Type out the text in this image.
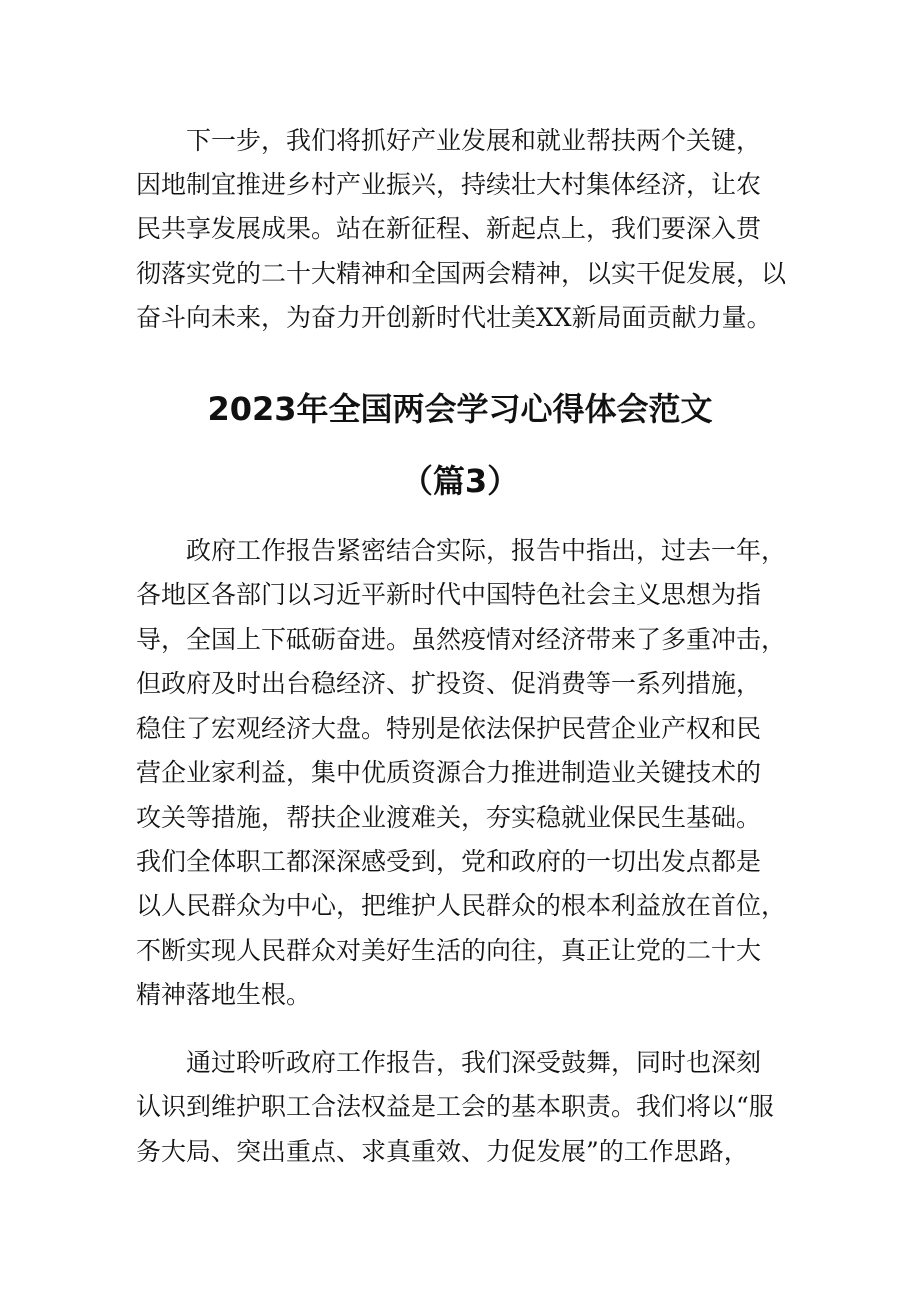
　　下一步，我们将抓好产业发展和就业帮扶两个关键，
因地制宜推进乡村产业振兴，持续壮大村集体经济，让农
民共享发展成果。站在新征程、新起点上，我们要深入贯
彻落实党的二十大精神和全国两会精神，以实干促发展，以
奋斗向未来，为奋力开创新时代壮美XX新局面贡献力量。
2023年全国两会学习心得体会范文
（篇3）
　　政府工作报告紧密结合实际，报告中指出，过去一年，
各地区各部门以习近平新时代中国特色社会主义思想为指
导，全国上下砥砺奋进。虽然疫情对经济带来了多重冲击，
但政府及时出台稳经济、扩投资、促消费等一系列措施，
稳住了宏观经济大盘。特别是依法保护民营企业产权和民
营企业家利益，集中优质资源合力推进制造业关键技术的
攻关等措施，帮扶企业渡难关，夯实稳就业保民生基础。
我们全体职工都深深感受到，党和政府的一切出发点都是
以人民群众为中心，把维护人民群众的根本利益放在首位，
不断实现人民群众对美好生活的向往，真正让党的二十大
精神落地生根。
　　通过聆听政府工作报告，我们深受鼓舞，同时也深刻
认识到维护职工合法权益是工会的基本职责。我们将以“服
务大局、突出重点、求真重效、力促发展”的工作思路，
